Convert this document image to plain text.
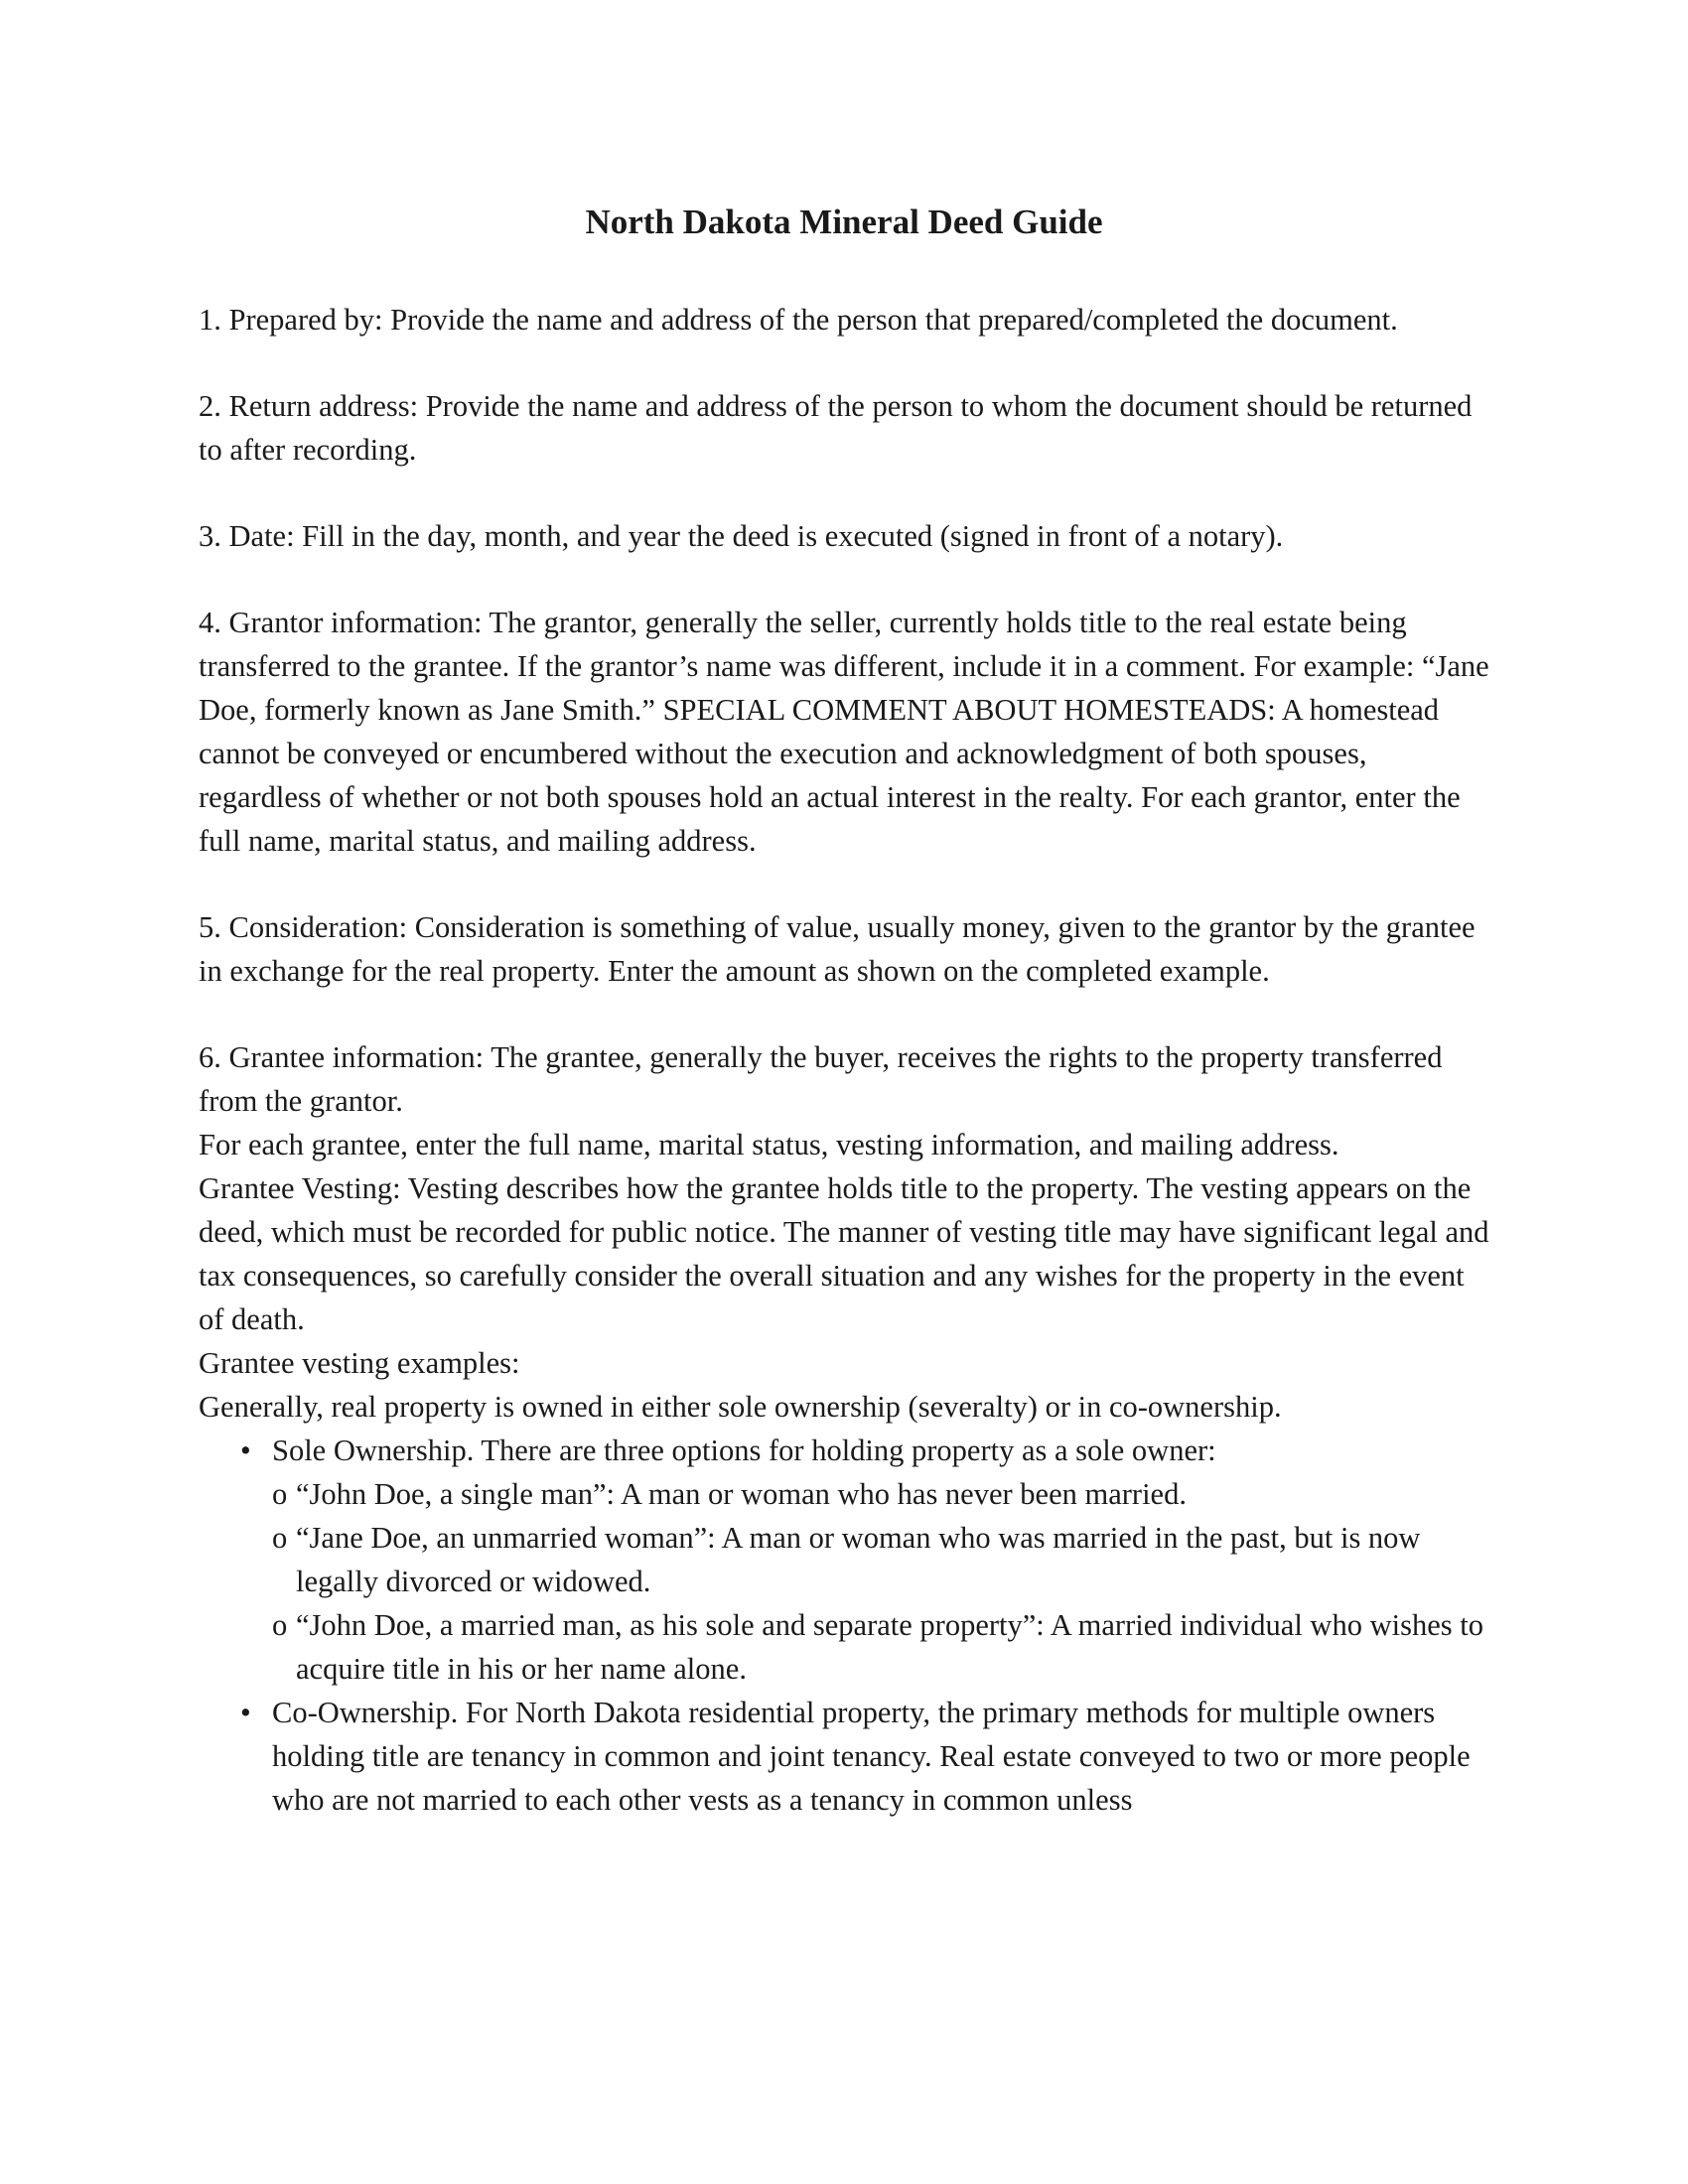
North Dakota Mineral Deed Guide

1. Prepared by: Provide the name and address of the person that prepared/completed the document.

2. Return address: Provide the name and address of the person to whom the document should be returned to after recording.

3. Date: Fill in the day, month, and year the deed is executed (signed in front of a notary).

4. Grantor information: The grantor, generally the seller, currently holds title to the real estate being transferred to the grantee. If the grantor’s name was different, include it in a comment. For example: “Jane Doe, formerly known as Jane Smith.” SPECIAL COMMENT ABOUT HOMESTEADS: A homestead cannot be conveyed or encumbered without the execution and acknowledgment of both spouses, regardless of whether or not both spouses hold an actual interest in the realty. For each grantor, enter the full name, marital status, and mailing address.

5. Consideration: Consideration is something of value, usually money, given to the grantor by the grantee in exchange for the real property. Enter the amount as shown on the completed example.

6. Grantee information: The grantee, generally the buyer, receives the rights to the property transferred from the grantor.

For each grantee, enter the full name, marital status, vesting information, and mailing address.

Grantee Vesting: Vesting describes how the grantee holds title to the property. The vesting appears on the deed, which must be recorded for public notice. The manner of vesting title may have significant legal and tax consequences, so carefully consider the overall situation and any wishes for the property in the event of death.

Grantee vesting examples:

Generally, real property is owned in either sole ownership (severalty) or in co-ownership.

• Sole Ownership. There are three options for holding property as a sole owner:
o “John Doe, a single man”: A man or woman who has never been married.
o “Jane Doe, an unmarried woman”: A man or woman who was married in the past, but is now legally divorced or widowed.
o “John Doe, a married man, as his sole and separate property”: A married individual who wishes to acquire title in his or her name alone.
• Co-Ownership. For North Dakota residential property, the primary methods for multiple owners holding title are tenancy in common and joint tenancy. Real estate conveyed to two or more people who are not married to each other vests as a tenancy in common unless
